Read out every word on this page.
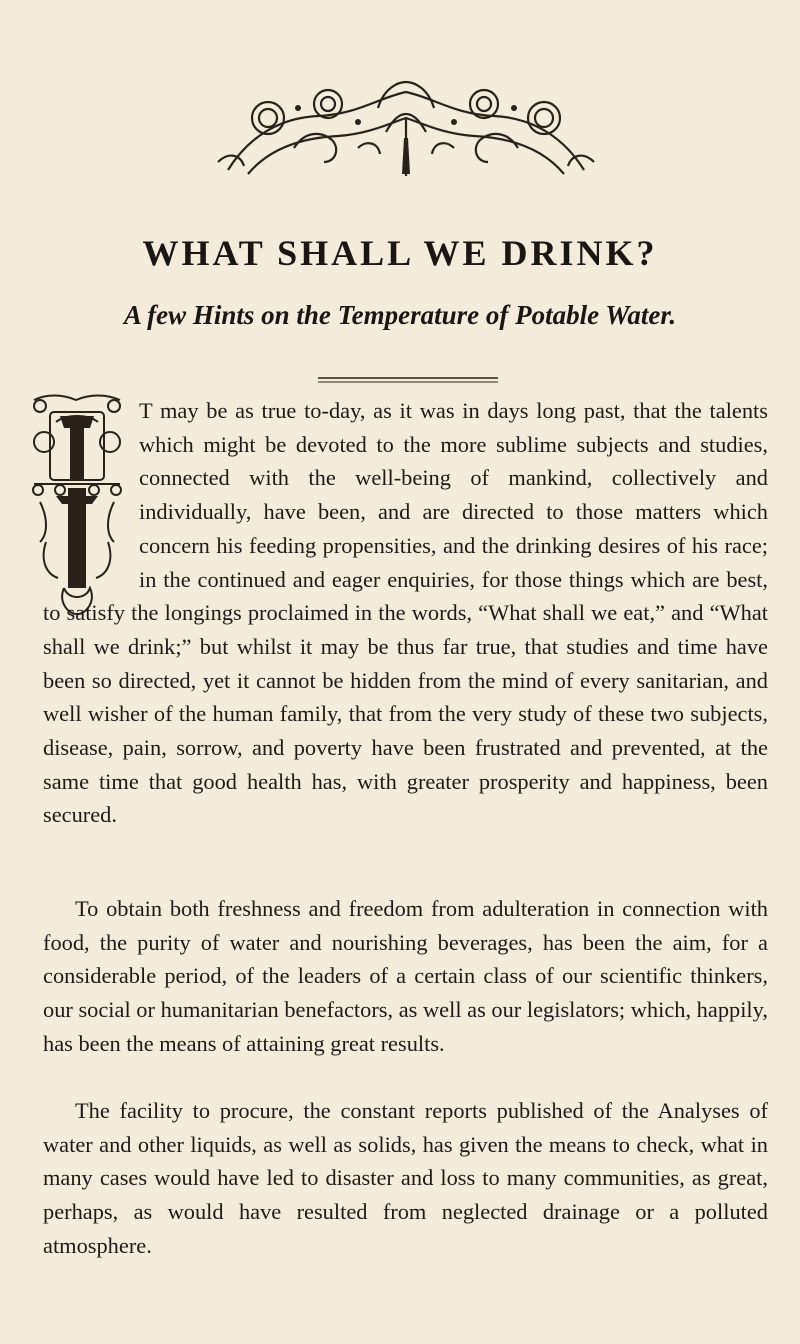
WHAT SHALL WE DRINK?
A few Hints on the Temperature of Potable Water.
T may be as true to-day, as it was in days long past, that the talents which might be devoted to the more sublime subjects and studies, connected with the well-being of mankind, collectively and individually, have been, and are directed to those matters which concern his feeding propensities, and the drinking desires of his race; in the continued and eager enquiries, for those things which are best, to satisfy the longings proclaimed in the words, “What shall we eat,” and “What shall we drink;” but whilst it may be thus far true, that studies and time have been so directed, yet it cannot be hidden from the mind of every sanitarian, and well wisher of the human family, that from the very study of these two subjects, disease, pain, sorrow, and poverty have been frustrated and prevented, at the same time that good health has, with greater prosperity and happiness, been secured.
To obtain both freshness and freedom from adulteration in connection with food, the purity of water and nourishing beverages, has been the aim, for a considerable period, of the leaders of a certain class of our scientific thinkers, our social or humanitarian benefactors, as well as our legislators; which, happily, has been the means of attaining great results.
The facility to procure, the constant reports published of the Analyses of water and other liquids, as well as solids, has given the means to check, what in many cases would have led to disaster and loss to many communities, as great, perhaps, as would have resulted from neglected drainage or a polluted atmosphere.
